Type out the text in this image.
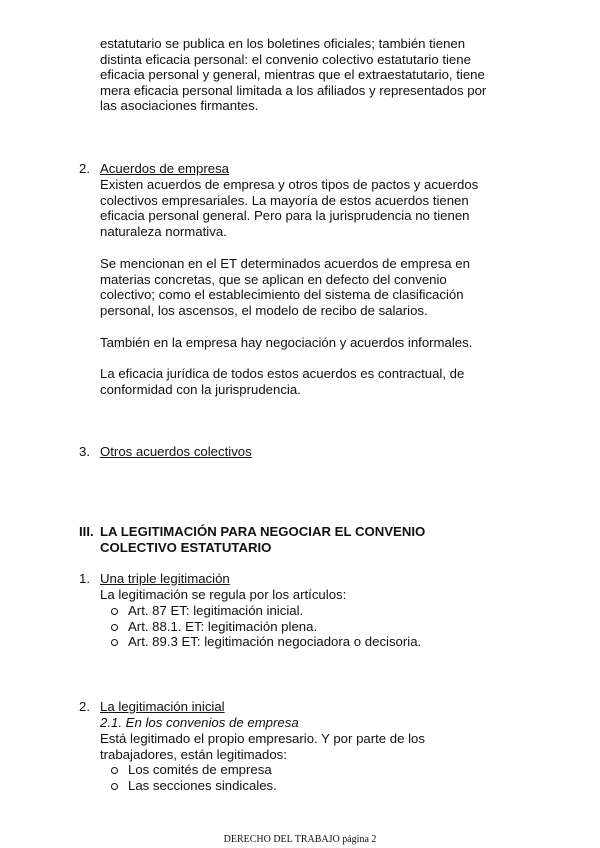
estatutario se publica en los boletines oficiales; también tienen
distinta eficacia personal: el convenio colectivo estatutario tiene
eficacia personal y general, mientras que el extraestatutario, tiene
mera eficacia personal limitada a los afiliados y representados por
las asociaciones firmantes.
2. Acuerdos de empresa
Existen acuerdos de empresa y otros tipos de pactos y acuerdos
colectivos empresariales. La mayoría de estos acuerdos tienen
eficacia personal general. Pero para la jurisprudencia no tienen
naturaleza normativa.
Se mencionan en el ET determinados acuerdos de empresa en
materias concretas, que se aplican en defecto del convenio
colectivo; como el establecimiento del sistema de clasificación
personal, los ascensos, el modelo de recibo de salarios.
También en la empresa hay negociación y acuerdos informales.
La eficacia jurídica de todos estos acuerdos es contractual, de
conformidad con la jurisprudencia.
3. Otros acuerdos colectivos
III. LA LEGITIMACIÓN PARA NEGOCIAR EL CONVENIO
COLECTIVO ESTATUTARIO
1. Una triple legitimación
La legitimación se regula por los artículos:
Art. 87 ET: legitimación inicial.
Art. 88.1. ET: legitimación plena.
Art. 89.3 ET: legitimación negociadora o decisoria.
2. La legitimación inicial
2.1. En los convenios de empresa
Está legitimado el propio empresario. Y por parte de los
trabajadores, están legitimados:
Los comités de empresa
Las secciones sindicales.
DERECHO DEL TRABAJO página 2
